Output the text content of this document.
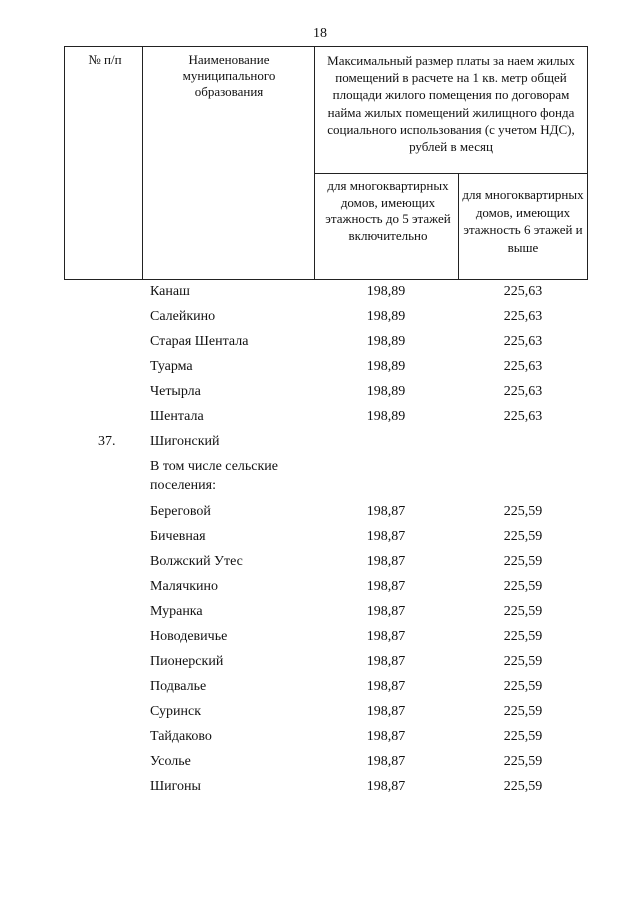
18
№ п/п	Наименование муниципального образования
Максимальный размер платы за наем жилых помещений в расчете на 1 кв. метр общей площади жилого помещения по договорам найма жилых помещений жилищного фонда социального использования (с учетом НДС), рублей в месяц
для многоквартирных домов, имеющих этажность до 5 этажей включительно
для многоквартирных домов, имеющих этажность 6 этажей и выше
Канаш	198,89	225,63
Салейкино	198,89	225,63
Старая Шентала	198,89	225,63
Туарма	198,89	225,63
Четырла	198,89	225,63
Шентала	198,89	225,63
37. Шигонский
В том числе сельские поселения:
Береговой	198,87	225,59
Бичевная	198,87	225,59
Волжский Утес	198,87	225,59
Малячкино	198,87	225,59
Муранка	198,87	225,59
Новодевичье	198,87	225,59
Пионерский	198,87	225,59
Подвалье	198,87	225,59
Суринск	198,87	225,59
Тайдаково	198,87	225,59
Усолье	198,87	225,59
Шигоны	198,87	225,59
